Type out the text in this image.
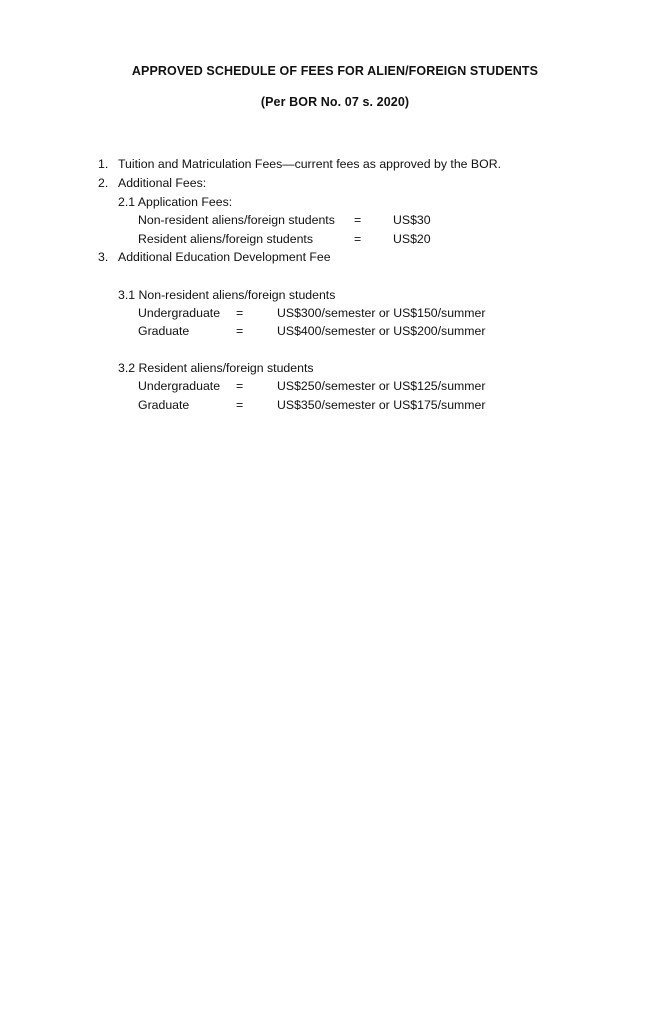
APPROVED SCHEDULE OF FEES FOR ALIEN/FOREIGN STUDENTS
(Per BOR No. 07 s. 2020)
1. Tuition and Matriculation Fees—current fees as approved by the BOR.
2. Additional Fees:
2.1 Application Fees:
Non-resident aliens/foreign students =	US$30
Resident aliens/foreign students	=	US$20
3. Additional Education Development Fee
3.1 Non-resident aliens/foreign students
Undergraduate =	US$300/semester or US$150/summer
Graduate	=	US$400/semester or US$200/summer
3.2 Resident aliens/foreign students
Undergraduate =	US$250/semester or US$125/summer
Graduate	=	US$350/semester or US$175/summer
